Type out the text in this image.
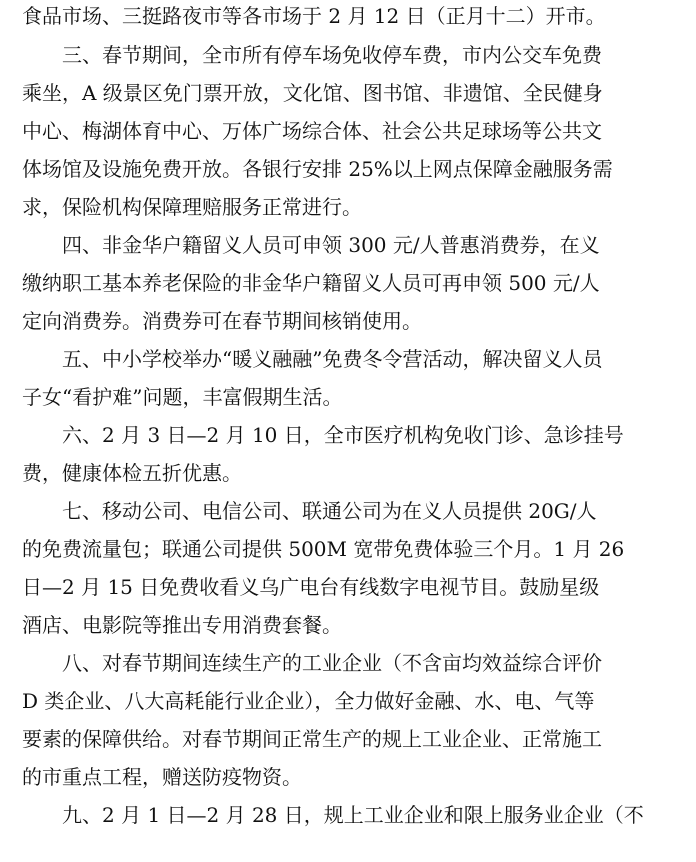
食品市场、三挺路夜市等各市场于 2 月 12 日（正月十二）开市。
三、春节期间，全市所有停车场免收停车费，市内公交车免费
乘坐，A 级景区免门票开放，文化馆、图书馆、非遗馆、全民健身
中心、梅湖体育中心、万体广场综合体、社会公共足球场等公共文
体场馆及设施免费开放。各银行安排 25%以上网点保障金融服务需
求，保险机构保障理赔服务正常进行。
四、非金华户籍留义人员可申领 300 元/人普惠消费券，在义
缴纳职工基本养老保险的非金华户籍留义人员可再申领 500 元/人
定向消费券。消费券可在春节期间核销使用。
五、中小学校举办“暖义融融”免费冬令营活动，解决留义人员
子女“看护难”问题，丰富假期生活。
六、2 月 3 日—2 月 10 日，全市医疗机构免收门诊、急诊挂号
费，健康体检五折优惠。
七、移动公司、电信公司、联通公司为在义人员提供 20G/人
的免费流量包；联通公司提供 500M 宽带免费体验三个月。1 月 26
日—2 月 15 日免费收看义乌广电台有线数字电视节目。鼓励星级
酒店、电影院等推出专用消费套餐。
八、对春节期间连续生产的工业企业（不含亩均效益综合评价
D 类企业、八大高耗能行业企业），全力做好金融、水、电、气等
要素的保障供给。对春节期间正常生产的规上工业企业、正常施工
的市重点工程，赠送防疫物资。
九、2 月 1 日—2 月 28 日，规上工业企业和限上服务业企业（不
